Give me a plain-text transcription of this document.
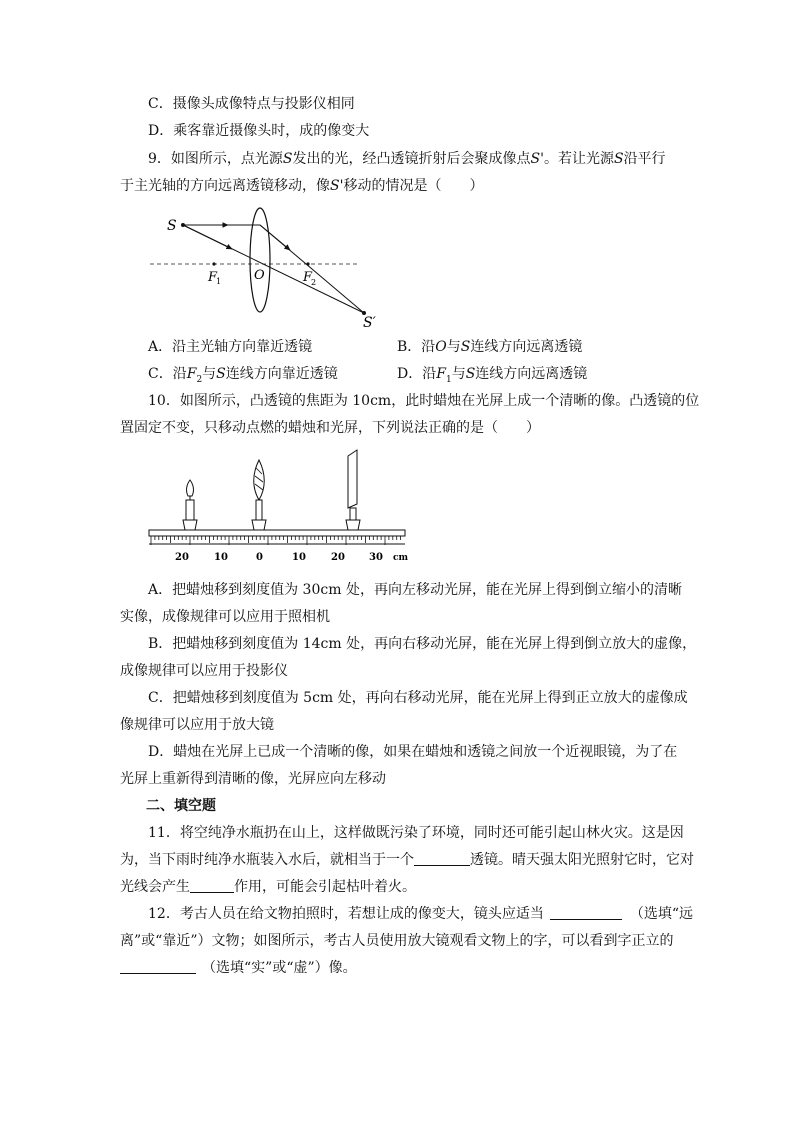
C．摄像头成像特点与投影仪相同
D．乘客靠近摄像头时，成的像变大
9．如图所示，点光源S发出的光，经凸透镜折射后会聚成像点S'。若让光源S沿平行
于主光轴的方向远离透镜移动，像S'移动的情况是（　　）
S
F
1	O	F
2
S′
A．沿主光轴方向靠近透镜	B．沿O与S连线方向远离透镜
C．沿$F_2$与S连线方向靠近透镜	D．沿$F_1$与S连线方向远离透镜
10．如图所示，凸透镜的焦距为 10cm，此时蜡烛在光屏上成一个清晰的像。凸透镜的位
置固定不变，只移动点燃的蜡烛和光屏，下列说法正确的是（　　）
20	10	0	10	20 30 cm
A．把蜡烛移到刻度值为 30cm 处，再向左移动光屏，能在光屏上得到倒立缩小的清晰
实像，成像规律可以应用于照相机
B．把蜡烛移到刻度值为 14cm 处，再向右移动光屏，能在光屏上得到倒立放大的虚像，
成像规律可以应用于投影仪
C．把蜡烛移到刻度值为 5cm 处，再向右移动光屏，能在光屏上得到正立放大的虚像成
像规律可以应用于放大镜
D．蜡烛在光屏上已成一个清晰的像，如果在蜡烛和透镜之间放一个近视眼镜，为了在
光屏上重新得到清晰的像，光屏应向左移动
二、填空题
11．将空纯净水瓶扔在山上，这样做既污染了环境，同时还可能引起山林火灾。这是因
为，当下雨时纯净水瓶装入水后，就相当于一个	透镜。晴天强太阳光照射它时，它对
光线会产生	作用，可能会引起枯叶着火。
12．考古人员在给文物拍照时，若想让成的像变大，镜头应适当	（选填“远
离”或“靠近”）文物；如图所示，考古人员使用放大镜观看文物上的字，可以看到字正立的
（选填“实”或“虚”）像。
